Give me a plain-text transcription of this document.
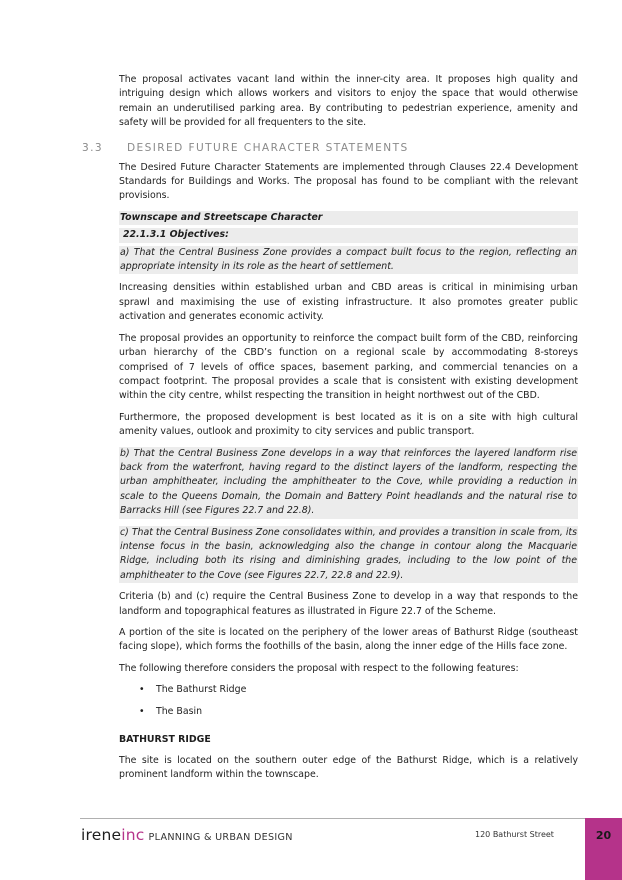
The proposal activates vacant land within the inner-city area. It proposes high quality and intriguing design which allows workers and visitors to enjoy the space that would otherwise remain an underutilised parking area. By contributing to pedestrian experience, amenity and safety will be provided for all frequenters to the site.

3.3 DESIRED FUTURE CHARACTER STATEMENTS

The Desired Future Character Statements are implemented through Clauses 22.4 Development Standards for Buildings and Works. The proposal has found to be compliant with the relevant provisions.

Townscape and Streetscape Character
22.1.3.1 Objectives:

a) That the Central Business Zone provides a compact built focus to the region, reflecting an appropriate intensity in its role as the heart of settlement.

Increasing densities within established urban and CBD areas is critical in minimising urban sprawl and maximising the use of existing infrastructure. It also promotes greater public activation and generates economic activity.

The proposal provides an opportunity to reinforce the compact built form of the CBD, reinforcing urban hierarchy of the CBD’s function on a regional scale by accommodating 8-storeys comprised of 7 levels of office spaces, basement parking, and commercial tenancies on a compact footprint. The proposal provides a scale that is consistent with existing development within the city centre, whilst respecting the transition in height northwest out of the CBD.

Furthermore, the proposed development is best located as it is on a site with high cultural amenity values, outlook and proximity to city services and public transport.

b) That the Central Business Zone develops in a way that reinforces the layered landform rise back from the waterfront, having regard to the distinct layers of the landform, respecting the urban amphitheater, including the amphitheater to the Cove, while providing a reduction in scale to the Queens Domain, the Domain and Battery Point headlands and the natural rise to Barracks Hill (see Figures 22.7 and 22.8).

c) That the Central Business Zone consolidates within, and provides a transition in scale from, its intense focus in the basin, acknowledging also the change in contour along the Macquarie Ridge, including both its rising and diminishing grades, including to the low point of the amphitheater to the Cove (see Figures 22.7, 22.8 and 22.9).

Criteria (b) and (c) require the Central Business Zone to develop in a way that responds to the landform and topographical features as illustrated in Figure 22.7 of the Scheme.

A portion of the site is located on the periphery of the lower areas of Bathurst Ridge (southeast facing slope), which forms the foothills of the basin, along the inner edge of the Hills face zone.

The following therefore considers the proposal with respect to the following features:

• The Bathurst Ridge
• The Basin
BATHURST RIDGE

The site is located on the southern outer edge of the Bathurst Ridge, which is a relatively prominent landform within the townscape.

ireneinc PLANNING & URBAN DESIGN	120 Bathurst Street	20
